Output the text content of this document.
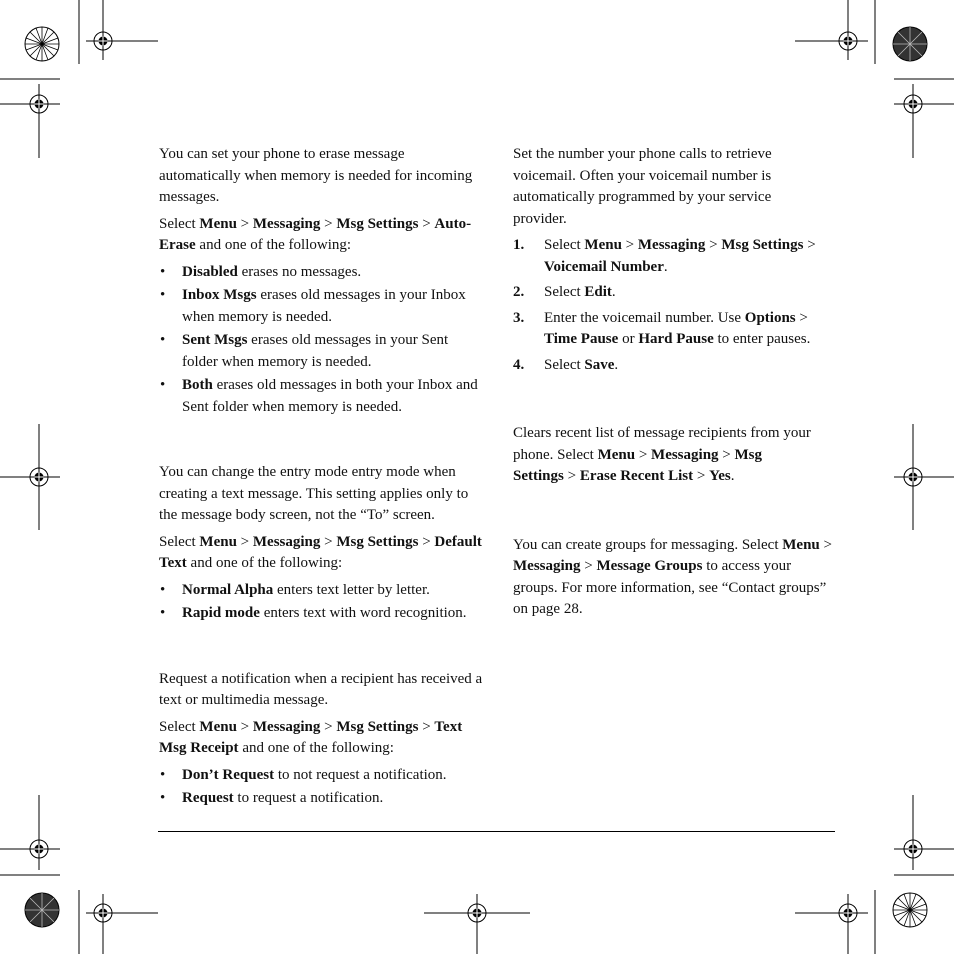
You can set your phone to erase message automatically when memory is needed for incoming messages.

Select Menu > Messaging > Msg Settings > Auto-Erase and one of the following:

• Disabled erases no messages.
• Inbox Msgs erases old messages in your Inbox when memory is needed.
• Sent Msgs erases old messages in your Sent folder when memory is needed.
• Both erases old messages in both your Inbox and Sent folder when memory is needed.

You can change the entry mode entry mode when creating a text message. This setting applies only to the message body screen, not the “To” screen.

Select Menu > Messaging > Msg Settings > Default Text and one of the following:

• Normal Alpha enters text letter by letter.
• Rapid mode enters text with word recognition.

Request a notification when a recipient has received a text or multimedia message.

Select Menu > Messaging > Msg Settings > Text Msg Receipt and one of the following:

• Don’t Request to not request a notification.
• Request to request a notification.

Set the number your phone calls to retrieve voicemail. Often your voicemail number is automatically programmed by your service provider.

1. Select Menu > Messaging > Msg Settings > Voicemail Number.
2. Select Edit.
3. Enter the voicemail number. Use Options > Time Pause or Hard Pause to enter pauses.
4. Select Save.

Clears recent list of message recipients from your phone. Select Menu > Messaging > Msg Settings > Erase Recent List > Yes.

You can create groups for messaging. Select Menu > Messaging > Message Groups to access your groups. For more information, see “Contact groups” on page 28.
